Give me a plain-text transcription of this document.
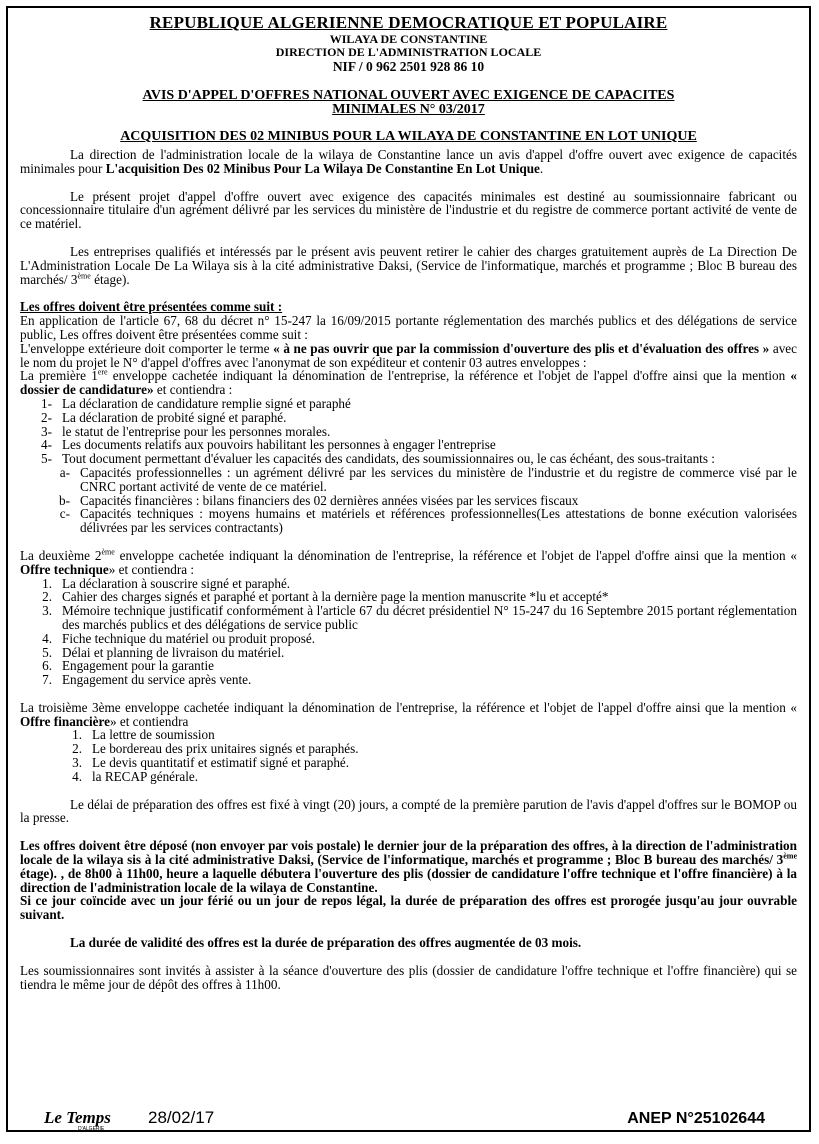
REPUBLIQUE ALGERIENNE DEMOCRATIQUE ET POPULAIRE
WILAYA DE CONSTANTINE
DIRECTION DE L'ADMINISTRATION LOCALE
NIF / 0 962 2501 928 86 10
AVIS D'APPEL D'OFFRES NATIONAL OUVERT AVEC EXIGENCE DE CAPACITES
MINIMALES N° 03/2017
ACQUISITION DES 02 MINIBUS POUR LA WILAYA DE CONSTANTINE EN LOT UNIQUE

La direction de l'administration locale de la wilaya de Constantine lance un avis d'appel d'offre ouvert avec exigence de capacités minimales pour L'acquisition Des 02 Minibus Pour La Wilaya De Constantine En Lot Unique.

Le présent projet d'appel d'offre ouvert avec exigence des capacités minimales est destiné au soumissionnaire fabricant ou concessionnaire titulaire d'un agrément délivré par les services du ministère de l'industrie et du registre de commerce portant activité de vente de ce matériel.

Les entreprises qualifiés et intéressés par le présent avis peuvent retirer le cahier des charges gratuitement auprès de La Direction De L'Administration Locale De La Wilaya sis à la cité administrative Daksi, (Service de l'informatique, marchés et programme ; Bloc B bureau des marchés/ 3ème étage).

Les offres doivent être présentées comme suit :

En application de l'article 67, 68 du décret n° 15-247 la 16/09/2015 portante réglementation des marchés publics et des délégations de service public, Les offres doivent être présentées comme suit :

L'enveloppe extérieure doit comporter le terme « à ne pas ouvrir que par la commission d'ouverture des plis et d'évaluation des offres » avec le nom du projet le N° d'appel d'offres avec l'anonymat de son expéditeur et contenir 03 autres enveloppes :

La première 1ere enveloppe cachetée indiquant la dénomination de l'entreprise, la référence et l'objet de l'appel d'offre ainsi que la mention « dossier de candidature» et contiendra :

1- La déclaration de candidature remplie signé et paraphé
2- La déclaration de probité signé et paraphé.
3- le statut de l'entreprise pour les personnes morales.
4- Les documents relatifs aux pouvoirs habilitant les personnes à engager l'entreprise
5- Tout document permettant d'évaluer les capacités des candidats, des soumissionnaires ou, le cas échéant, des sous-traitants :
a- Capacités professionnelles : un agrément délivré par les services du ministère de l'industrie et du registre de commerce visé par le CNRC portant activité de vente de ce matériel.
b- Capacités financières : bilans financiers des 02 dernières années visées par les services fiscaux
c- Capacités techniques : moyens humains et matériels et références professionnelles(Les attestations de bonne exécution valorisées délivrées par les services contractants)

La deuxième 2ème enveloppe cachetée indiquant la dénomination de l'entreprise, la référence et l'objet de l'appel d'offre ainsi que la mention « Offre technique» et contiendra :

1. La déclaration à souscrire signé et paraphé.
2. Cahier des charges signés et paraphé et portant à la dernière page la mention manuscrite *lu et accepté*
3. Mémoire technique justificatif conformément à l'article 67 du décret présidentiel N° 15-247 du 16 Septembre 2015 portant réglementation des marchés publics et des délégations de service public
4. Fiche technique du matériel ou produit proposé.
5. Délai et planning de livraison du matériel.
6. Engagement pour la garantie
7. Engagement du service après vente.

La troisième 3ème enveloppe cachetée indiquant la dénomination de l'entreprise, la référence et l'objet de l'appel d'offre ainsi que la mention « Offre financière» et contiendra

1. La lettre de soumission
2. Le bordereau des prix unitaires signés et paraphés.
3. Le devis quantitatif et estimatif signé et paraphé.
4. la RECAP générale.

Le délai de préparation des offres est fixé à vingt (20) jours, a compté de la première parution de l'avis d'appel d'offres sur le BOMOP ou la presse.

Les offres doivent être déposé (non envoyer par vois postale) le dernier jour de la préparation des offres, à la direction de l'administration locale de la wilaya sis à la cité administrative Daksi, (Service de l'informatique, marchés et programme ; Bloc B bureau des marchés/ 3ème étage). , de 8h00 à 11h00, heure a laquelle débutera l'ouverture des plis (dossier de candidature l'offre technique et l'offre financière) à la direction de l'administration locale de la wilaya de Constantine.

Si ce jour coïncide avec un jour férié ou un jour de repos légal, la durée de préparation des offres est prorogée jusqu'au jour ouvrable suivant.

La durée de validité des offres est la durée de préparation des offres augmentée de 03 mois.

Les soumissionnaires sont invités à assister à la séance d'ouverture des plis (dossier de candidature l'offre technique et l'offre financière) qui se tiendra le même jour de dépôt des offres à 11h00.

Le Temps
D'ALGERIE
28/02/17	ANEP N°25102644
